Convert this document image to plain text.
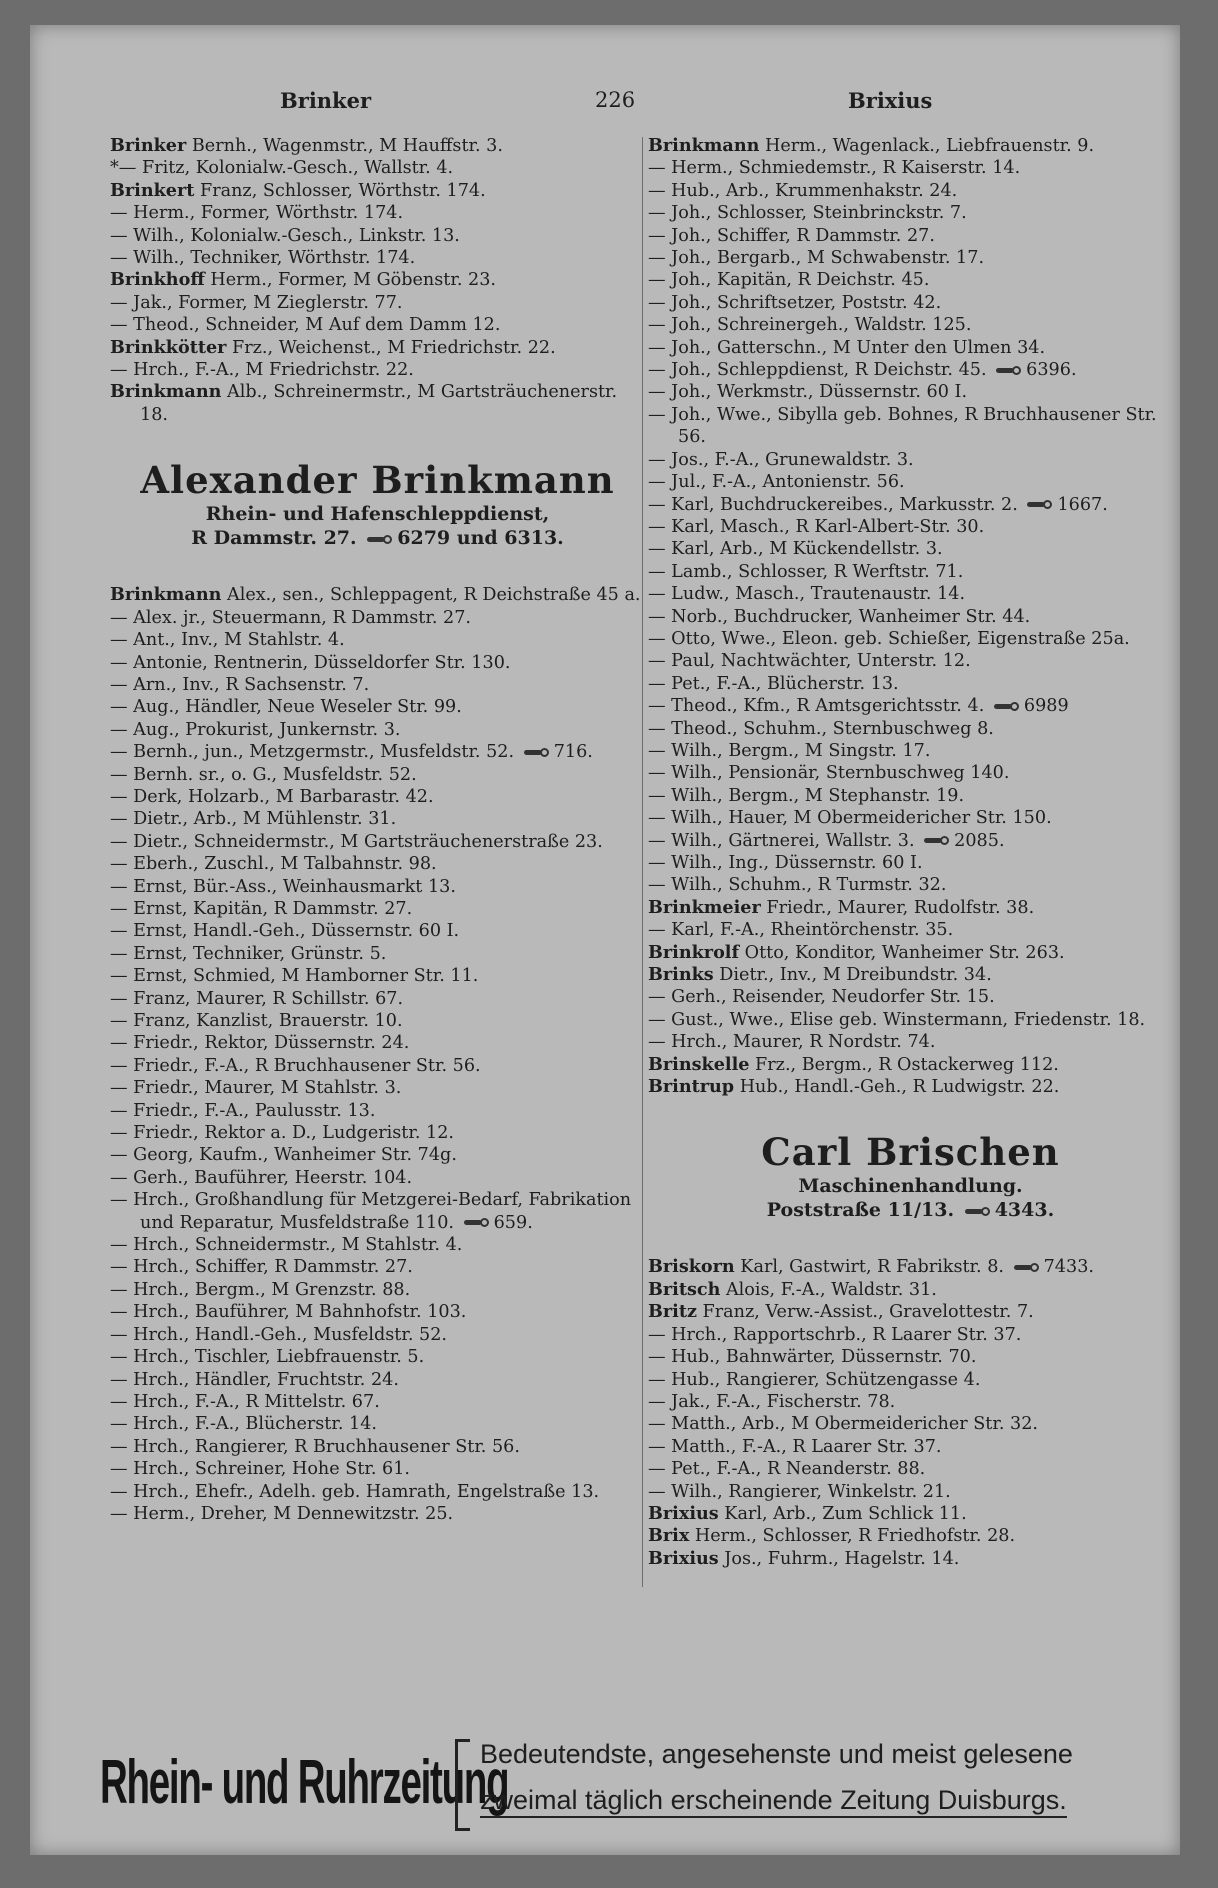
Brinker	226	Brixius

Brinker Bernh., Wagenmstr., M Hauffstr. 3.

*— Fritz, Kolonialw.-Gesch., Wallstr. 4.

Brinkert Franz, Schlosser, Wörthstr. 174.

— Herm., Former, Wörthstr. 174.

— Wilh., Kolonialw.-Gesch., Linkstr. 13.

— Wilh., Techniker, Wörthstr. 174.

Brinkhoff Herm., Former, M Göbenstr. 23.

— Jak., Former, M Zieglerstr. 77.

— Theod., Schneider, M Auf dem Damm 12.

Brinkkötter Frz., Weichenst., M Friedrichstr. 22.

— Hrch., F.-A., M Friedrichstr. 22.

Brinkmann Alb., Schreinermstr., M Gartsträuchenerstr. 18.

Alexander Brinkmann
Rhein- und Hafenschleppdienst,
R Dammstr. 27. 6279 und 6313.

Brinkmann Alex., sen., Schleppagent, R Deichstraße 45 a.

— Alex. jr., Steuermann, R Dammstr. 27.

— Ant., Inv., M Stahlstr. 4.

— Antonie, Rentnerin, Düsseldorfer Str. 130.

— Arn., Inv., R Sachsenstr. 7.

— Aug., Händler, Neue Weseler Str. 99.

— Aug., Prokurist, Junkernstr. 3.

— Bernh., jun., Metzgermstr., Musfeldstr. 52. 716.

— Bernh. sr., o. G., Musfeldstr. 52.

— Derk, Holzarb., M Barbarastr. 42.

— Dietr., Arb., M Mühlenstr. 31.

— Dietr., Schneidermstr., M Gartsträuchenerstraße 23.

— Eberh., Zuschl., M Talbahnstr. 98.

— Ernst, Bür.-Ass., Weinhausmarkt 13.

— Ernst, Kapitän, R Dammstr. 27.

— Ernst, Handl.-Geh., Düssernstr. 60 I.

— Ernst, Techniker, Grünstr. 5.

— Ernst, Schmied, M Hamborner Str. 11.

— Franz, Maurer, R Schillstr. 67.

— Franz, Kanzlist, Brauerstr. 10.

— Friedr., Rektor, Düssernstr. 24.

— Friedr., F.-A., R Bruchhausener Str. 56.

— Friedr., Maurer, M Stahlstr. 3.

— Friedr., F.-A., Paulusstr. 13.

— Friedr., Rektor a. D., Ludgeristr. 12.

— Georg, Kaufm., Wanheimer Str. 74g.

— Gerh., Bauführer, Heerstr. 104.

— Hrch., Großhandlung für Metzgerei-Bedarf, Fabrikation und Reparatur, Musfeldstraße 110. 659.

— Hrch., Schneidermstr., M Stahlstr. 4.

— Hrch., Schiffer, R Dammstr. 27.

— Hrch., Bergm., M Grenzstr. 88.

— Hrch., Bauführer, M Bahnhofstr. 103.

— Hrch., Handl.-Geh., Musfeldstr. 52.

— Hrch., Tischler, Liebfrauenstr. 5.

— Hrch., Händler, Fruchtstr. 24.

— Hrch., F.-A., R Mittelstr. 67.

— Hrch., F.-A., Blücherstr. 14.

— Hrch., Rangierer, R Bruchhausener Str. 56.

— Hrch., Schreiner, Hohe Str. 61.

— Hrch., Ehefr., Adelh. geb. Hamrath, Engelstraße 13.

— Herm., Dreher, M Dennewitzstr. 25.

Brinkmann Herm., Wagenlack., Liebfrauenstr. 9.

— Herm., Schmiedemstr., R Kaiserstr. 14.

— Hub., Arb., Krummenhakstr. 24.

— Joh., Schlosser, Steinbrinckstr. 7.

— Joh., Schiffer, R Dammstr. 27.

— Joh., Bergarb., M Schwabenstr. 17.

— Joh., Kapitän, R Deichstr. 45.

— Joh., Schriftsetzer, Poststr. 42.

— Joh., Schreinergeh., Waldstr. 125.

— Joh., Gatterschn., M Unter den Ulmen 34.

— Joh., Schleppdienst, R Deichstr. 45. 6396.

— Joh., Werkmstr., Düssernstr. 60 I.

— Joh., Wwe., Sibylla geb. Bohnes, R Bruchhausener Str. 56.

— Jos., F.-A., Grunewaldstr. 3.

— Jul., F.-A., Antonienstr. 56.

— Karl, Buchdruckereibes., Markusstr. 2. 1667.

— Karl, Masch., R Karl-Albert-Str. 30.

— Karl, Arb., M Kückendellstr. 3.

— Lamb., Schlosser, R Werftstr. 71.

— Ludw., Masch., Trautenaustr. 14.

— Norb., Buchdrucker, Wanheimer Str. 44.

— Otto, Wwe., Eleon. geb. Schießer, Eigenstraße 25a.

— Paul, Nachtwächter, Unterstr. 12.

— Pet., F.-A., Blücherstr. 13.

— Theod., Kfm., R Amtsgerichtsstr. 4. 6989

— Theod., Schuhm., Sternbuschweg 8.

— Wilh., Bergm., M Singstr. 17.

— Wilh., Pensionär, Sternbuschweg 140.

— Wilh., Bergm., M Stephanstr. 19.

— Wilh., Hauer, M Obermeidericher Str. 150.

— Wilh., Gärtnerei, Wallstr. 3. 2085.

— Wilh., Ing., Düssernstr. 60 I.

— Wilh., Schuhm., R Turmstr. 32.

Brinkmeier Friedr., Maurer, Rudolfstr. 38.

— Karl, F.-A., Rheintörchenstr. 35.

Brinkrolf Otto, Konditor, Wanheimer Str. 263.

Brinks Dietr., Inv., M Dreibundstr. 34.

— Gerh., Reisender, Neudorfer Str. 15.

— Gust., Wwe., Elise geb. Winstermann, Friedenstr. 18.

— Hrch., Maurer, R Nordstr. 74.

Brinskelle Frz., Bergm., R Ostackerweg 112.

Brintrup Hub., Handl.-Geh., R Ludwigstr. 22.

Carl Brischen
Maschinenhandlung.
Poststraße 11/13. 4343.

Briskorn Karl, Gastwirt, R Fabrikstr. 8. 7433.

Britsch Alois, F.-A., Waldstr. 31.

Britz Franz, Verw.-Assist., Gravelottestr. 7.

— Hrch., Rapportschrb., R Laarer Str. 37.

— Hub., Bahnwärter, Düssernstr. 70.

— Hub., Rangierer, Schützengasse 4.

— Jak., F.-A., Fischerstr. 78.

— Matth., Arb., M Obermeidericher Str. 32.

— Matth., F.-A., R Laarer Str. 37.

— Pet., F.-A., R Neanderstr. 88.

— Wilh., Rangierer, Winkelstr. 21.

Brixius Karl, Arb., Zum Schlick 11.

Brix Herm., Schlosser, R Friedhofstr. 28.

Brixius Jos., Fuhrm., Hagelstr. 14.

Rhein- und Ruhrzeitung
Bedeutendste, angesehenste und meist gelesene
zweimal täglich erscheinende Zeitung Duisburgs.
